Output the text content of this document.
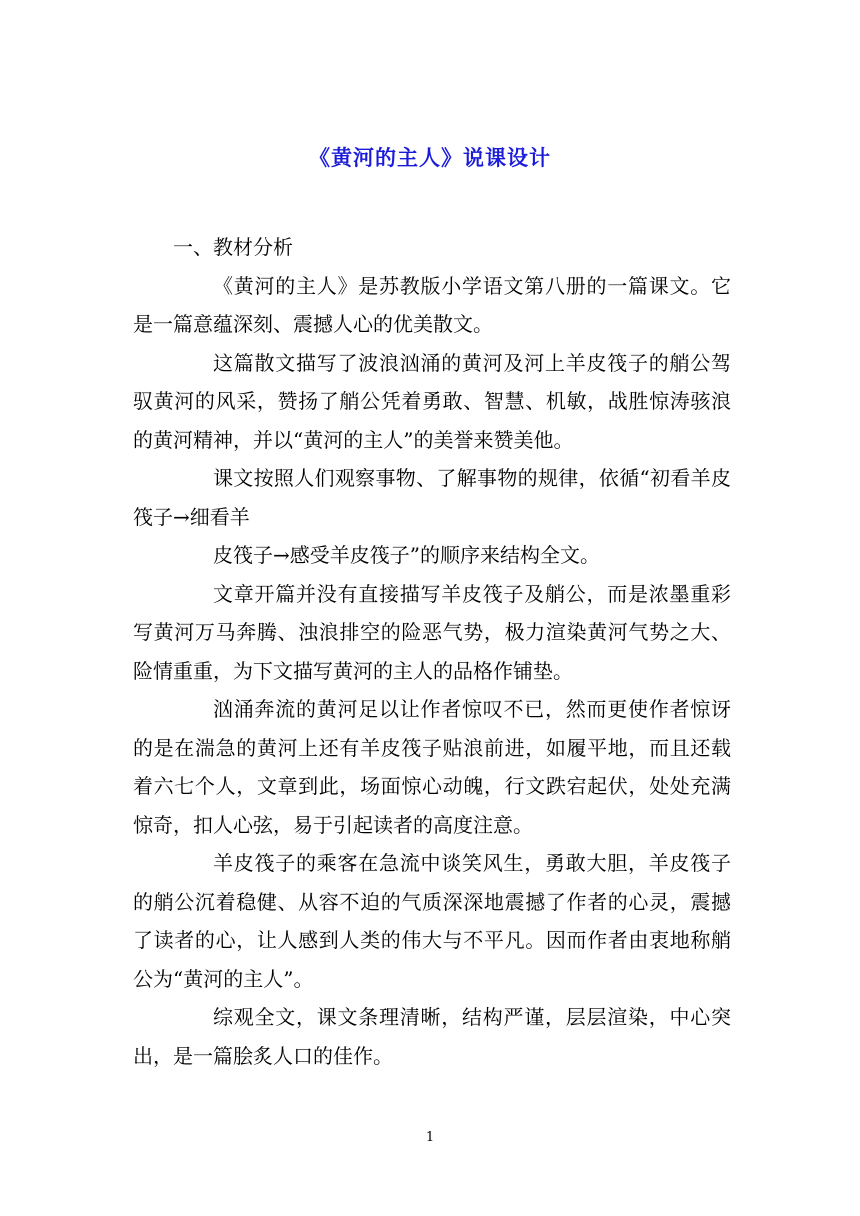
《黄河的主人》说课设计

一、教材分析

《黄河的主人》是苏教版小学语文第八册的一篇课文。它是一篇意蕴深刻、震撼人心的优美散文。

这篇散文描写了波浪汹涌的黄河及河上羊皮筏子的艄公驾驭黄河的风采，赞扬了艄公凭着勇敢、智慧、机敏，战胜惊涛骇浪的黄河精神，并以“黄河的主人”的美誉来赞美他。

课文按照人们观察事物、了解事物的规律，依循“初看羊皮筏子→细看羊

皮筏子→感受羊皮筏子”的顺序来结构全文。

文章开篇并没有直接描写羊皮筏子及艄公，而是浓墨重彩写黄河万马奔腾、浊浪排空的险恶气势，极力渲染黄河气势之大、险情重重，为下文描写黄河的主人的品格作铺垫。

汹涌奔流的黄河足以让作者惊叹不已，然而更使作者惊讶的是在湍急的黄河上还有羊皮筏子贴浪前进，如履平地，而且还载着六七个人，文章到此，场面惊心动魄，行文跌宕起伏，处处充满惊奇，扣人心弦，易于引起读者的高度注意。

羊皮筏子的乘客在急流中谈笑风生，勇敢大胆，羊皮筏子的艄公沉着稳健、从容不迫的气质深深地震撼了作者的心灵，震撼了读者的心，让人感到人类的伟大与不平凡。因而作者由衷地称艄公为“黄河的主人”。

综观全文，课文条理清晰，结构严谨，层层渲染，中心突出，是一篇脍炙人口的佳作。

1
